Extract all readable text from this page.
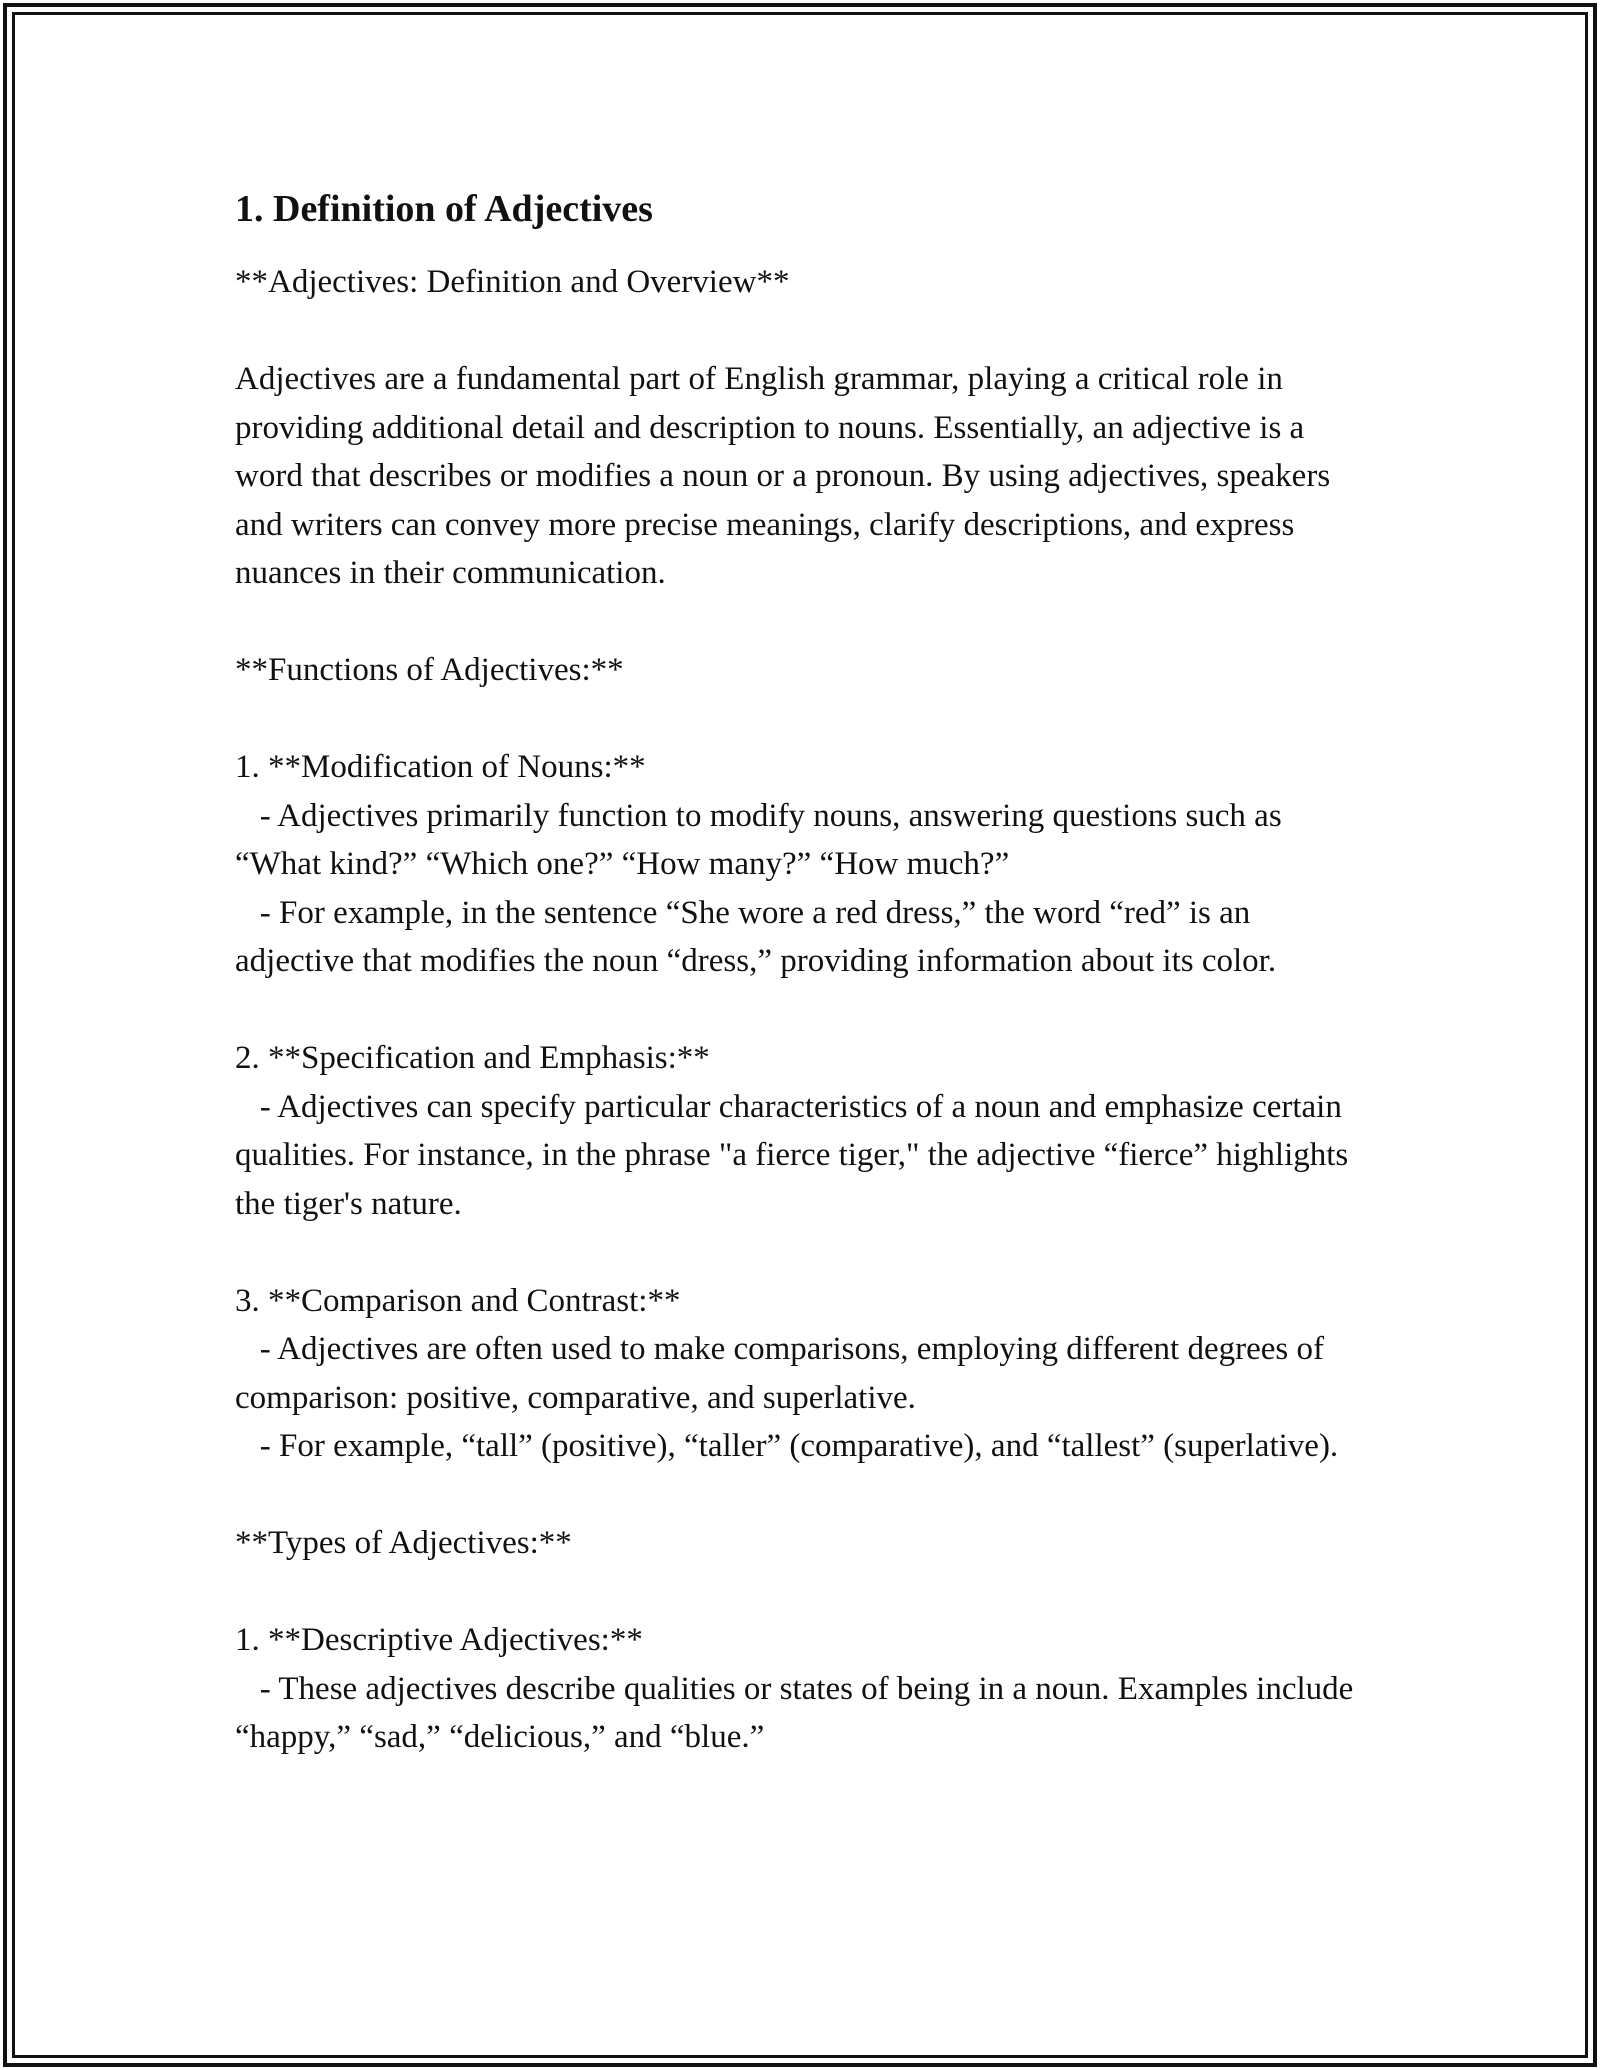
1. Definition of Adjectives

**Adjectives: Definition and Overview**

Adjectives are a fundamental part of English grammar, playing a critical role in providing additional detail and description to nouns. Essentially, an adjective is a word that describes or modifies a noun or a pronoun. By using adjectives, speakers and writers can convey more precise meanings, clarify descriptions, and express nuances in their communication.

**Functions of Adjectives:**

1. **Modification of Nouns:**

- Adjectives primarily function to modify nouns, answering questions such as “What kind?” “Which one?” “How many?” “How much?”

- For example, in the sentence “She wore a red dress,” the word “red” is an adjective that modifies the noun “dress,” providing information about its color.

2. **Specification and Emphasis:**

- Adjectives can specify particular characteristics of a noun and emphasize certain qualities. For instance, in the phrase "a fierce tiger," the adjective “fierce” highlights the tiger's nature.

3. **Comparison and Contrast:**

- Adjectives are often used to make comparisons, employing different degrees of comparison: positive, comparative, and superlative.

- For example, “tall” (positive), “taller” (comparative), and “tallest” (superlative).

**Types of Adjectives:**

1. **Descriptive Adjectives:**

- These adjectives describe qualities or states of being in a noun. Examples include “happy,” “sad,” “delicious,” and “blue.”
